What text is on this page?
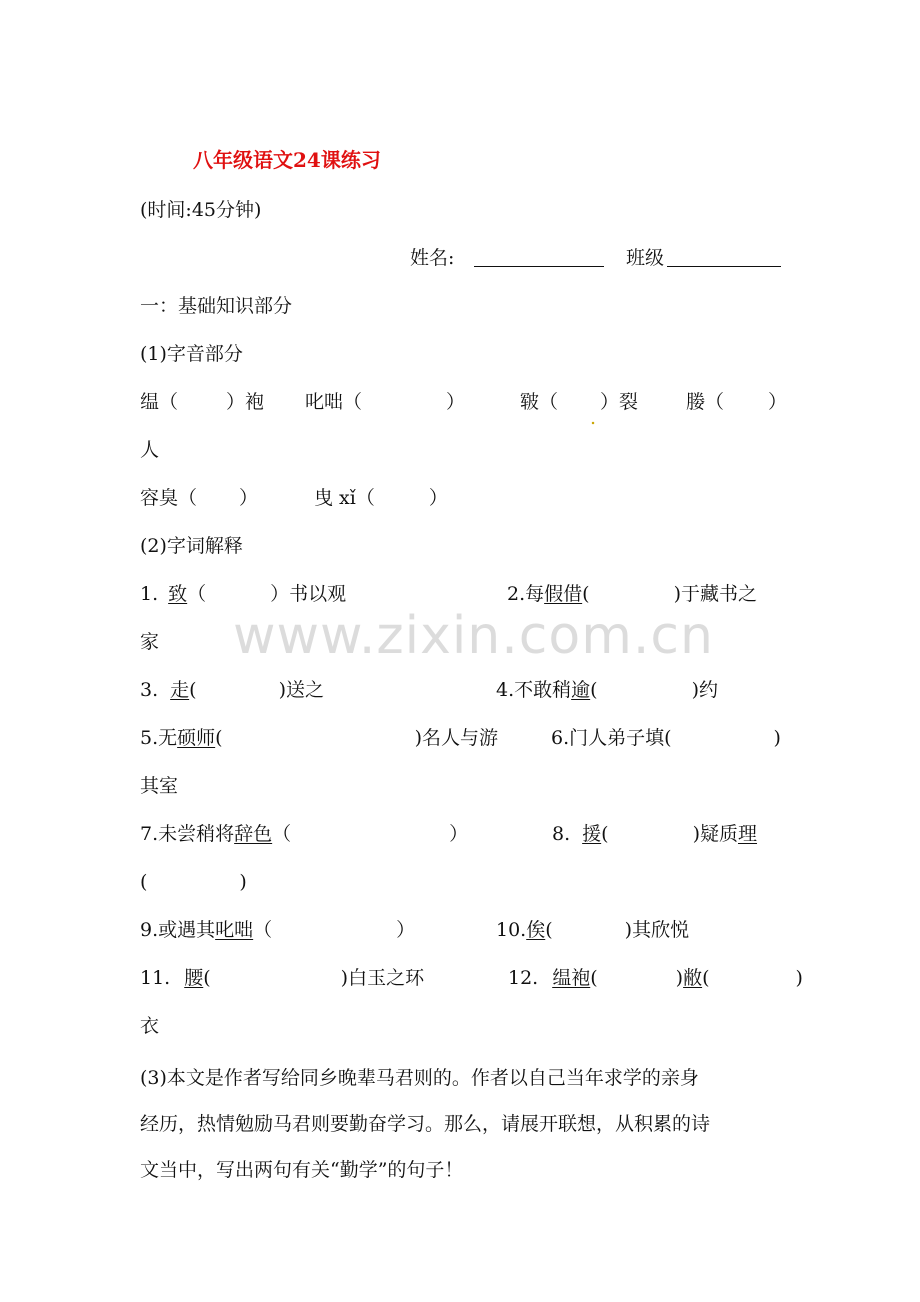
www.zixin.com.cn
八年级语文24课练习
(时间:45分钟)
姓名:	班级
一：基础知识部分
(1)字音部分
缊（	）袍 叱咄（	）	皲（
.
）裂	媵（ ）
人
容臭（ ）	曳 xǐ（	）
(2)字词解释
1. 致（	）书以观	2.每假借(	)于藏书之
家
3. 走(	)送之	4.不敢稍逾(	)约
5.无硕师(	)名人与游	6.门人弟子填(	)
其室
7.未尝稍将辞色（	）	8. 援(	)疑质理
(	)
9.或遇其叱咄（	）	10.俟(	)其欣悦
11. 腰(	)白玉之环	12. 缊袍(	)敝(	)
衣
(3)本文是作者写给同乡晚辈马君则的。作者以自己当年求学的亲身
经历，热情勉励马君则要勤奋学习。那么，请展开联想，从积累的诗
文当中，写出两句有关“勤学”的句子！
